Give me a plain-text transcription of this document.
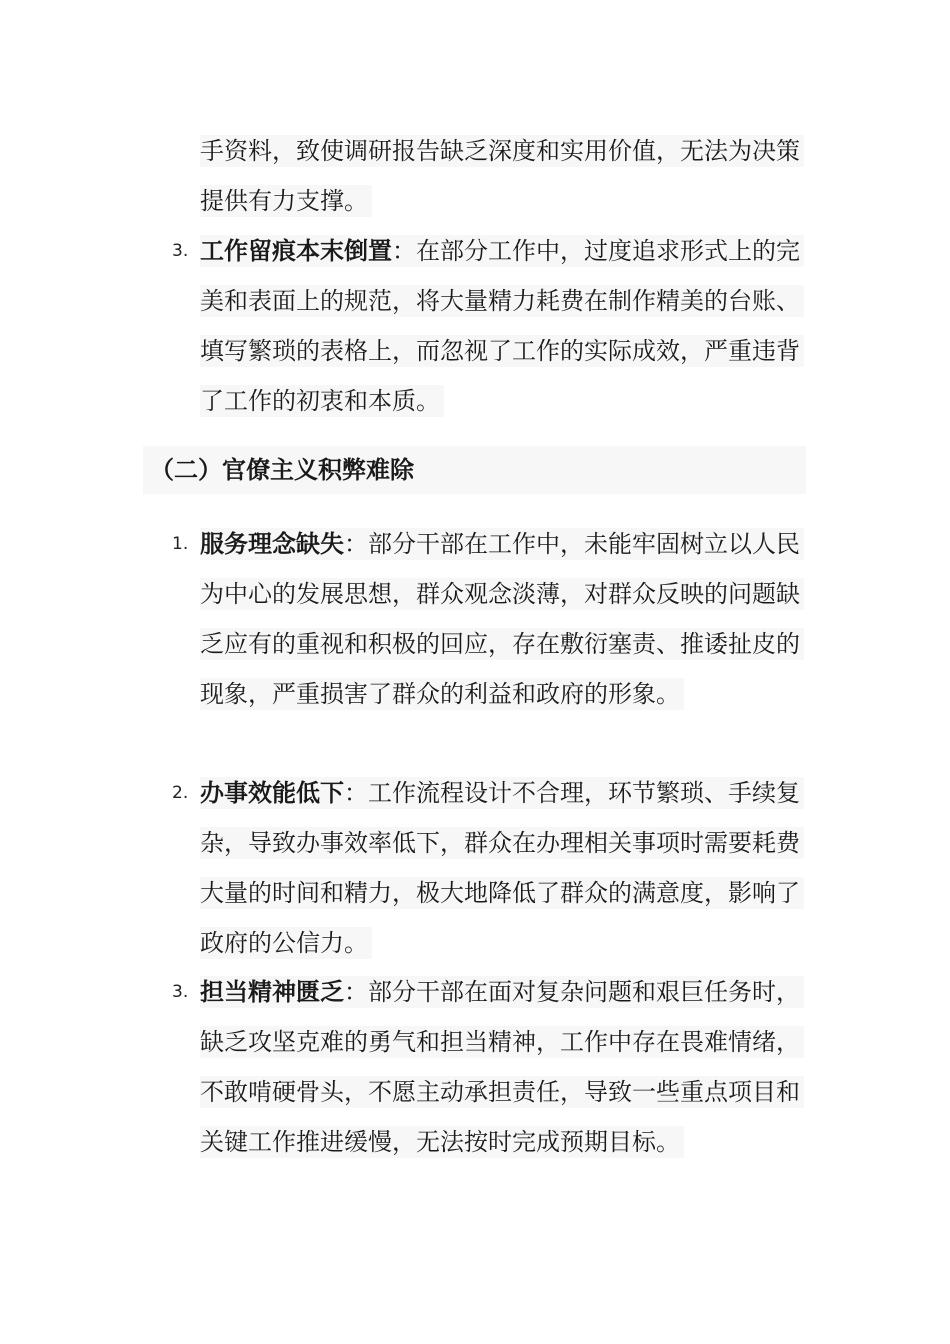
手资料，致使调研报告缺乏深度和实用价值，无法为决策提供有力支撑。

3. 工作留痕本末倒置：在部分工作中，过度追求形式上的完美和表面上的规范，将大量精力耗费在制作精美的台账、填写繁琐的表格上，而忽视了工作的实际成效，严重违背了工作的初衷和本质。
（二）官僚主义积弊难除
1. 服务理念缺失：部分干部在工作中，未能牢固树立以人民为中心的发展思想，群众观念淡薄，对群众反映的问题缺乏应有的重视和积极的回应，存在敷衍塞责、推诿扯皮的现象，严重损害了群众的利益和政府的形象。
2. 办事效能低下：工作流程设计不合理，环节繁琐、手续复杂，导致办事效率低下，群众在办理相关事项时需要耗费大量的时间和精力，极大地降低了群众的满意度，影响了政府的公信力。
3. 担当精神匮乏：部分干部在面对复杂问题和艰巨任务时，缺乏攻坚克难的勇气和担当精神，工作中存在畏难情绪，不敢啃硬骨头，不愿主动承担责任，导致一些重点项目和关键工作推进缓慢，无法按时完成预期目标。
